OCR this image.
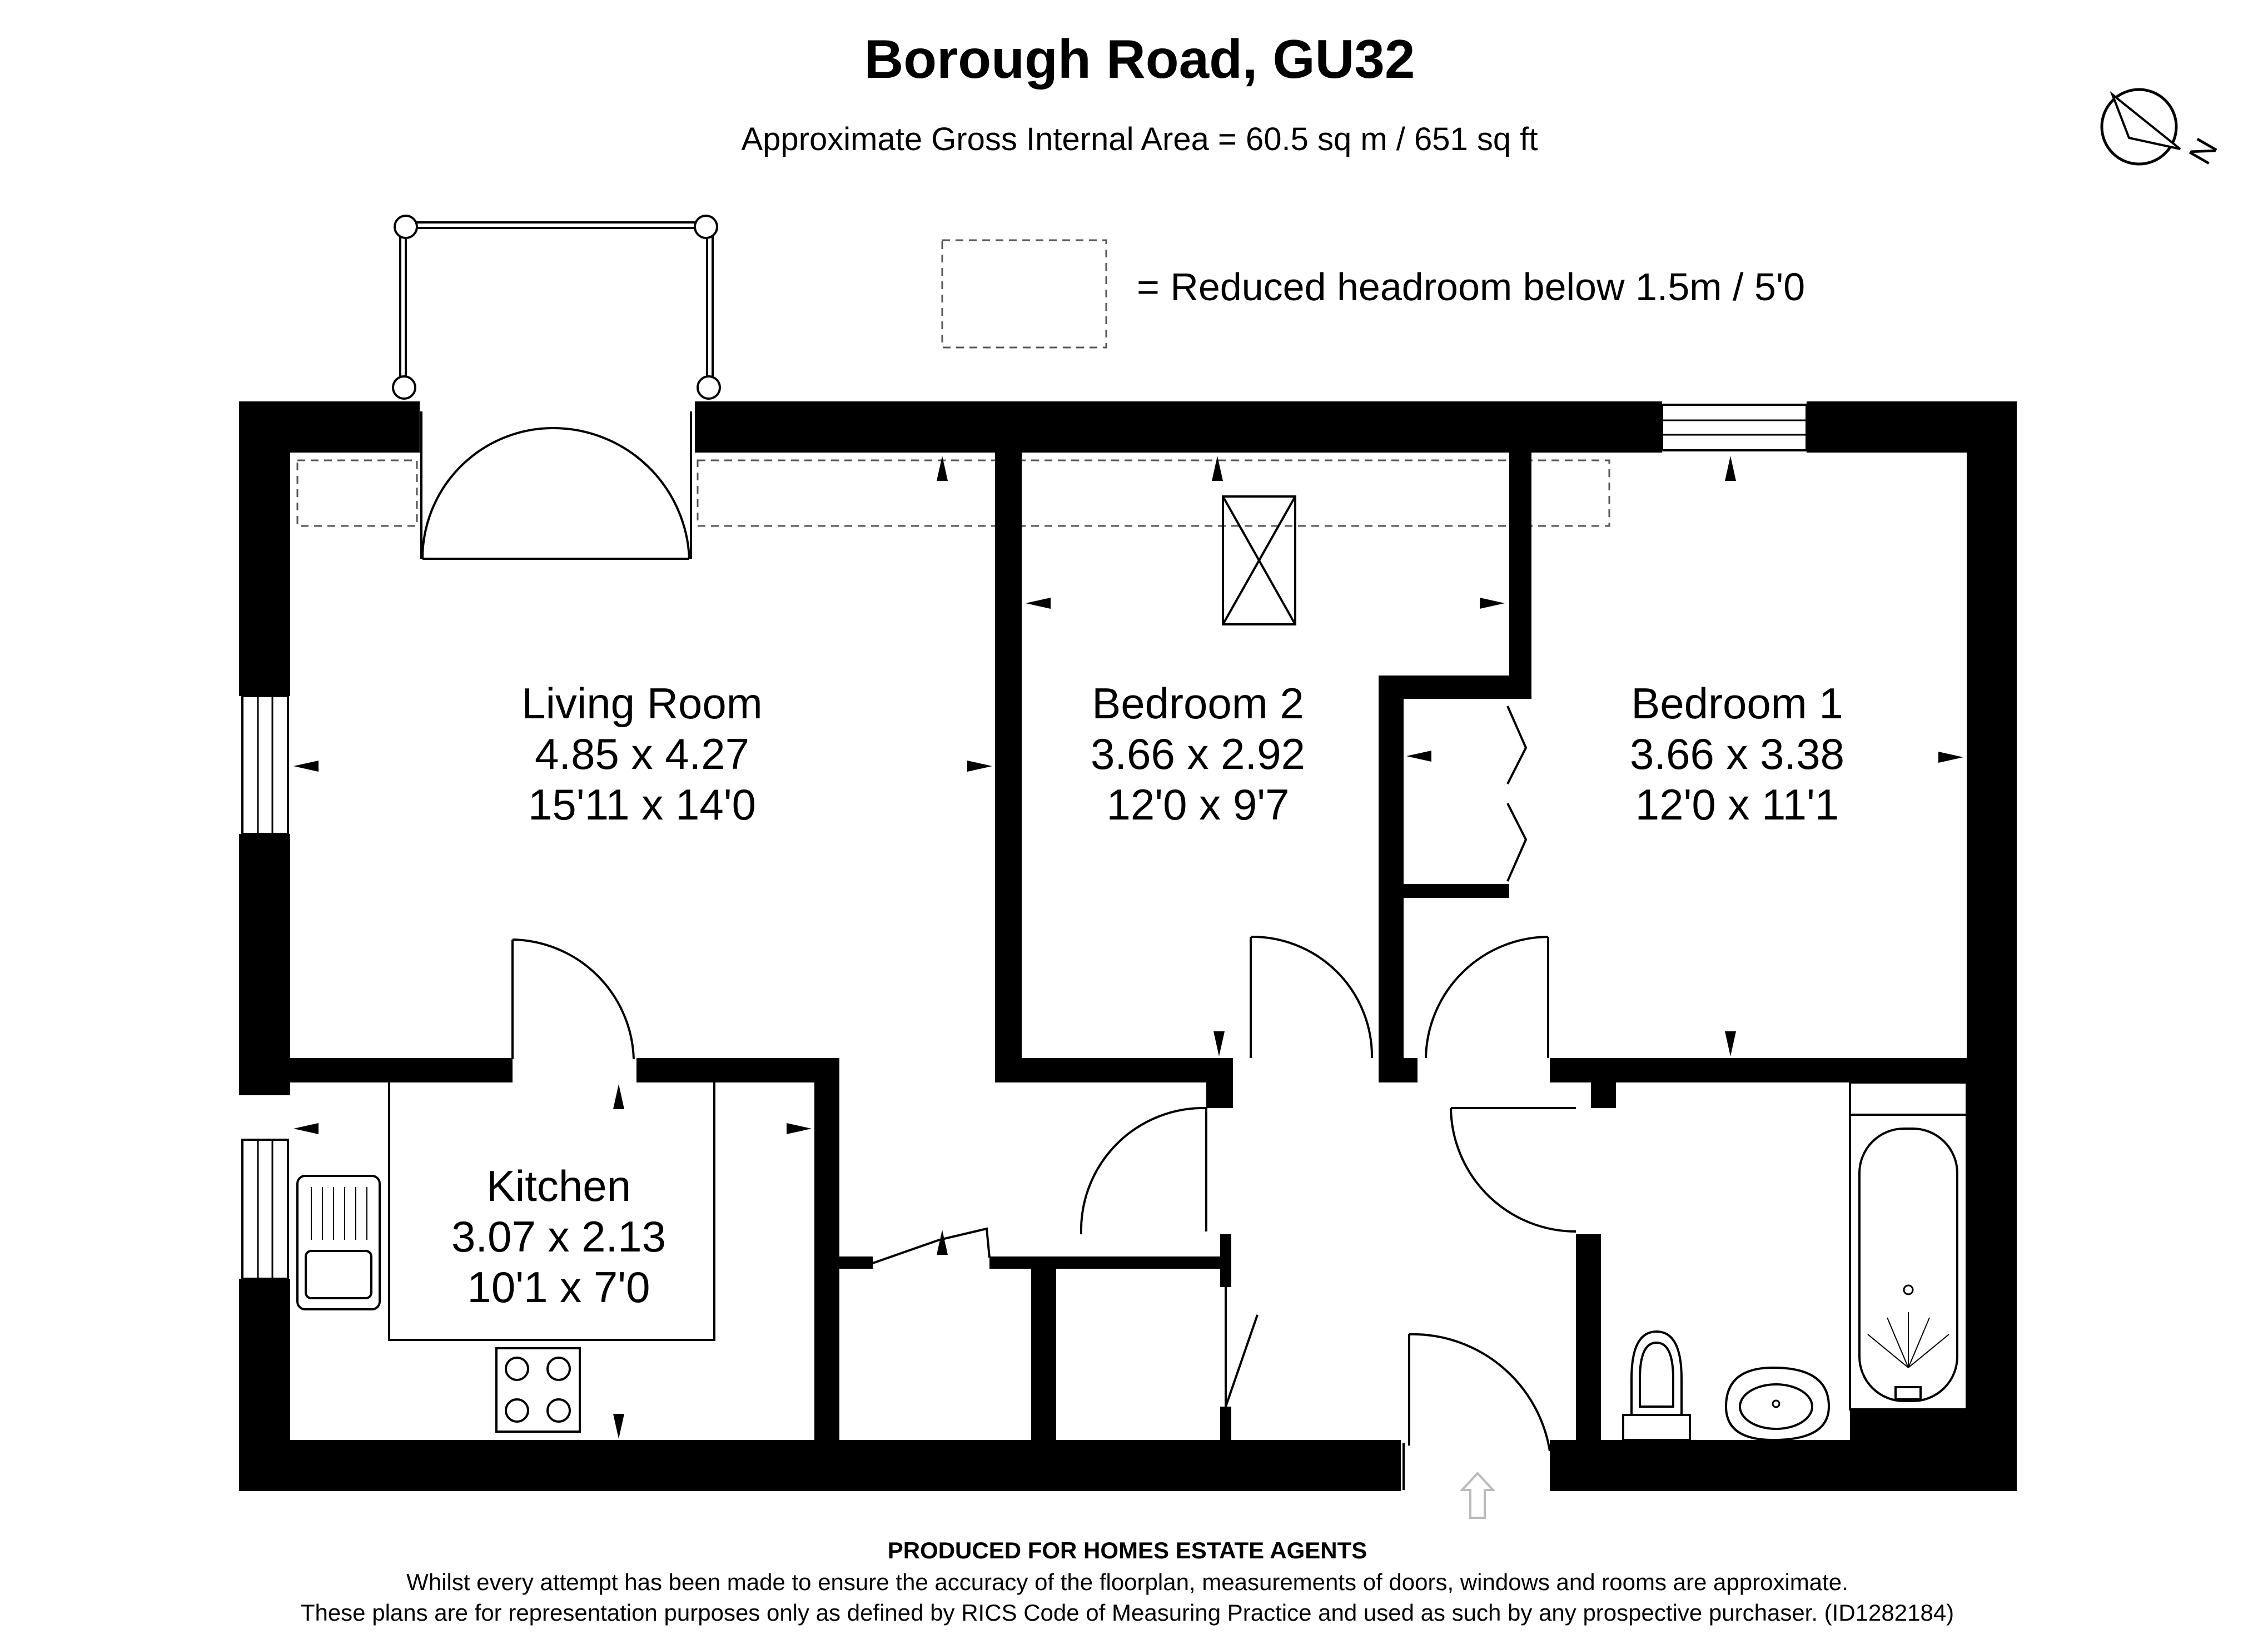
Borough Road, GU32
Approximate Gross Internal Area = 60.5 sq m / 651 sq ft
= Reduced headroom below 1.5m / 5'0
N
Living Room
4.85 x 4.27
15'11 x 14'0
Bedroom 2
3.66 x 2.92
12'0 x 9'7
Bedroom 1
3.66 x 3.38
12'0 x 11'1
Kitchen
3.07 x 2.13
10'1 x 7'0
PRODUCED FOR HOMES ESTATE AGENTS
Whilst every attempt has been made to ensure the accuracy of the floorplan, measurements of doors, windows and rooms are approximate.
These plans are for representation purposes only as defined by RICS Code of Measuring Practice and used as such by any prospective purchaser. (ID1282184)
